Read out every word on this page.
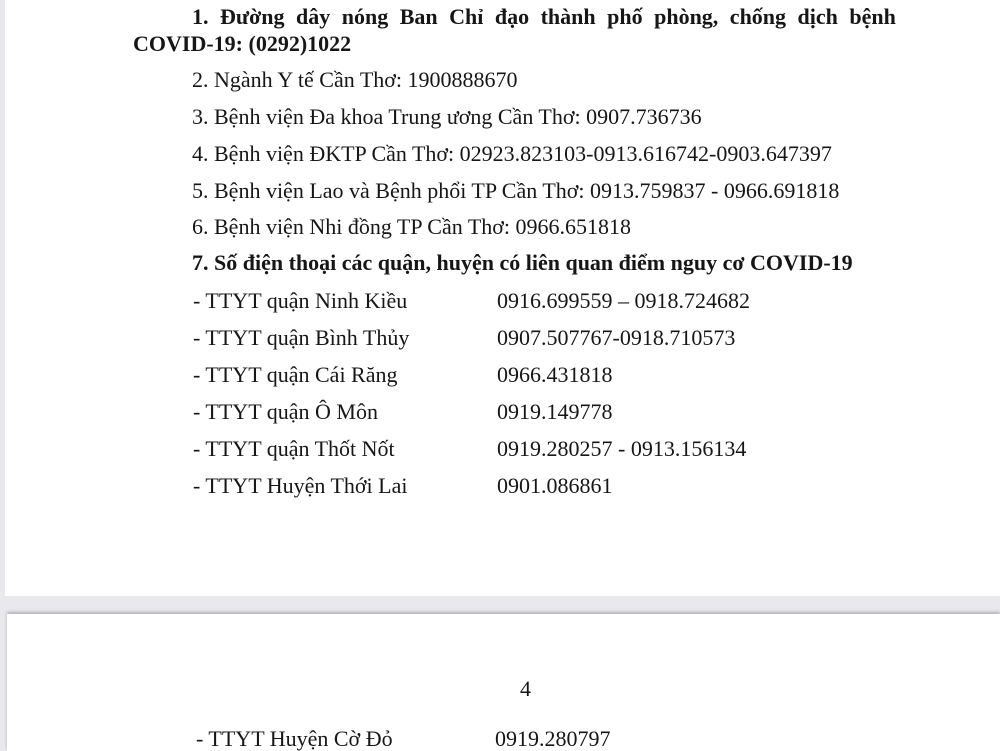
1. Đường dây nóng Ban Chỉ đạo thành phố phòng, chống dịch bệnh
COVID-19: (0292)1022
2. Ngành Y tế Cần Thơ: 1900888670
3. Bệnh viện Đa khoa Trung ương Cần Thơ: 0907.736736
4. Bệnh viện ĐKTP Cần Thơ: 02923.823103-0913.616742-0903.647397
5. Bệnh viện Lao và Bệnh phổi TP Cần Thơ: 0913.759837 - 0966.691818
6. Bệnh viện Nhi đồng TP Cần Thơ: 0966.651818
7. Số điện thoại các quận, huyện có liên quan điểm nguy cơ COVID-19
- TTYT quận Ninh Kiều	0916.699559 – 0918.724682
- TTYT quận Bình Thủy	0907.507767-0918.710573
- TTYT quận Cái Răng	0966.431818
- TTYT quận Ô Môn	0919.149778
- TTYT quận Thốt Nốt	0919.280257 - 0913.156134
- TTYT Huyện Thới Lai	0901.086861
4
- TTYT Huyện Cờ Đỏ	0919.280797
